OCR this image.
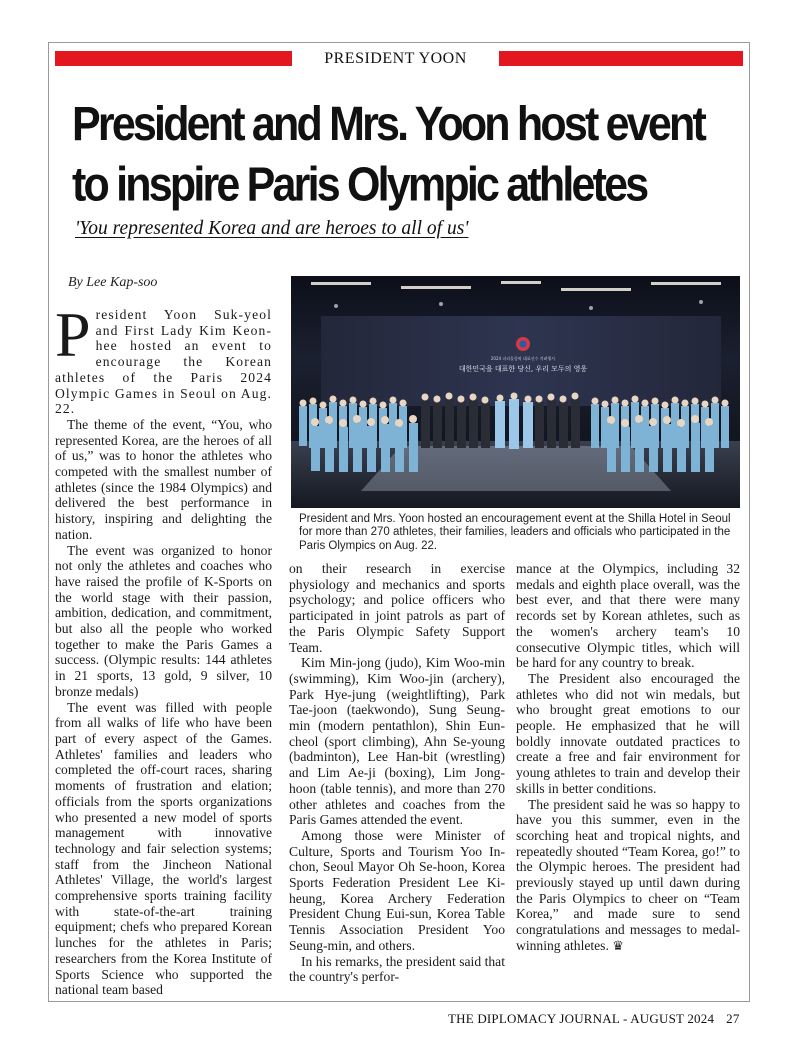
PRESIDENT YOON
President and Mrs. Yoon host event to inspire Paris Olympic athletes
'You represented Korea and are heroes to all of us'
By Lee Kap-soo

President Yoon Suk-yeol and First Lady Kim Keon-hee hosted an event to encourage the Korean athletes of the Paris 2024 Olympic Games in Seoul on Aug. 22.

The theme of the event, “You, who represented Korea, are the heroes of all of us,” was to honor the athletes who competed with the smallest number of athletes (since the 1984 Olympics) and delivered the best performance in history, inspiring and delighting the nation.

The event was organized to honor not only the athletes and coaches who have raised the profile of K-Sports on the world stage with their passion, ambition, dedication, and commitment, but also all the people who worked together to make the Paris Games a success. (Olympic results: 144 athletes in 21 sports, 13 gold, 9 silver, 10 bronze medals)

The event was filled with people from all walks of life who have been part of every aspect of the Games. Athletes' families and leaders who completed the off-court races, sharing moments of frustration and elation; officials from the sports organizations who presented a new model of sports management with innovative technology and fair selection systems; staff from the Jincheon National Athletes' Village, the world's largest comprehensive sports training facility with state-of-the-art training equipment; chefs who prepared Korean lunches for the athletes in Paris; researchers from the Korea Institute of Sports Science who supported the national team based

2024 파리올림픽 대표선수 격려행사
대한민국을 대표한 당신, 우리 모두의 영웅
President and Mrs. Yoon hosted an encouragement event at the Shilla Hotel in Seoul for more than 270 athletes, their families, leaders and officials who participated in the Paris Olympics on Aug. 22.

on their research in exercise physiology and mechanics and sports psychology; and police officers who participated in joint patrols as part of the Paris Olympic Safety Support Team.

Kim Min-jong (judo), Kim Woo-min (swimming), Kim Woo-jin (archery), Park Hye-jung (weightlifting), Park Tae-joon (taekwondo), Sung Seung-min (modern pentathlon), Shin Eun-cheol (sport climbing), Ahn Se-young (badminton), Lee Han-bit (wrestling) and Lim Ae-ji (boxing), Lim Jong-hoon (table tennis), and more than 270 other athletes and coaches from the Paris Games attended the event.

Among those were Minister of Culture, Sports and Tourism Yoo In-chon, Seoul Mayor Oh Se-hoon, Korea Sports Federation President Lee Ki-heung, Korea Archery Federation President Chung Eui-sun, Korea Table Tennis Association President Yoo Seung-min, and others.

In his remarks, the president said that the country's perfor-

mance at the Olympics, including 32 medals and eighth place overall, was the best ever, and that there were many records set by Korean athletes, such as the women's archery team's 10 consecutive Olympic titles, which will be hard for any country to break.

The President also encouraged the athletes who did not win medals, but who brought great emotions to our people. He emphasized that he will boldly innovate outdated practices to create a free and fair environment for young athletes to train and develop their skills in better conditions.

The president said he was so happy to have you this summer, even in the scorching heat and tropical nights, and repeatedly shouted “Team Korea, go!” to the Olympic heroes. The president had previously stayed up until dawn during the Paris Olympics to cheer on “Team Korea,” and made sure to send congratulations and messages to medal-winning athletes. ♛

THE DIPLOMACY JOURNAL - AUGUST 2024 27
